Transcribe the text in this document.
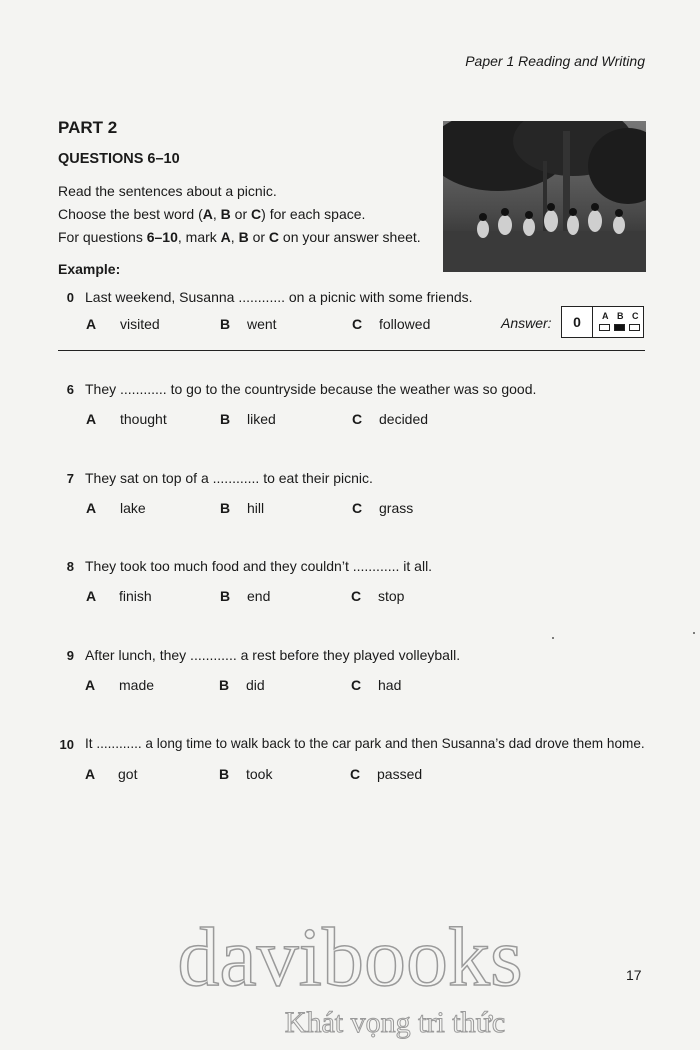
Paper 1 Reading and Writing
PART 2
QUESTIONS 6–10
Read the sentences about a picnic.
Choose the best word (A, B or C) for each space.
For questions 6–10, mark A, B or C on your answer sheet.
Example:
0 Last weekend, Susanna ............ on a picnic with some friends.
A visited	B went	C followed	Answer:	0	A B C
6 They ............ to go to the countryside because the weather was so good.
A thought	B liked	C decided
7 They sat on top of a ............ to eat their picnic.
A lake	B hill	C grass
8 They took too much food and they couldn’t ............ it all.
A finish	B end	C stop
9 After lunch, they ............ a rest before they played volleyball.
A made	B did	C had
10 It ............ a long time to walk back to the car park and then Susanna’s dad drove them home.
A got	B took	C passed
17
davibooks
Khát vọng tri thức
